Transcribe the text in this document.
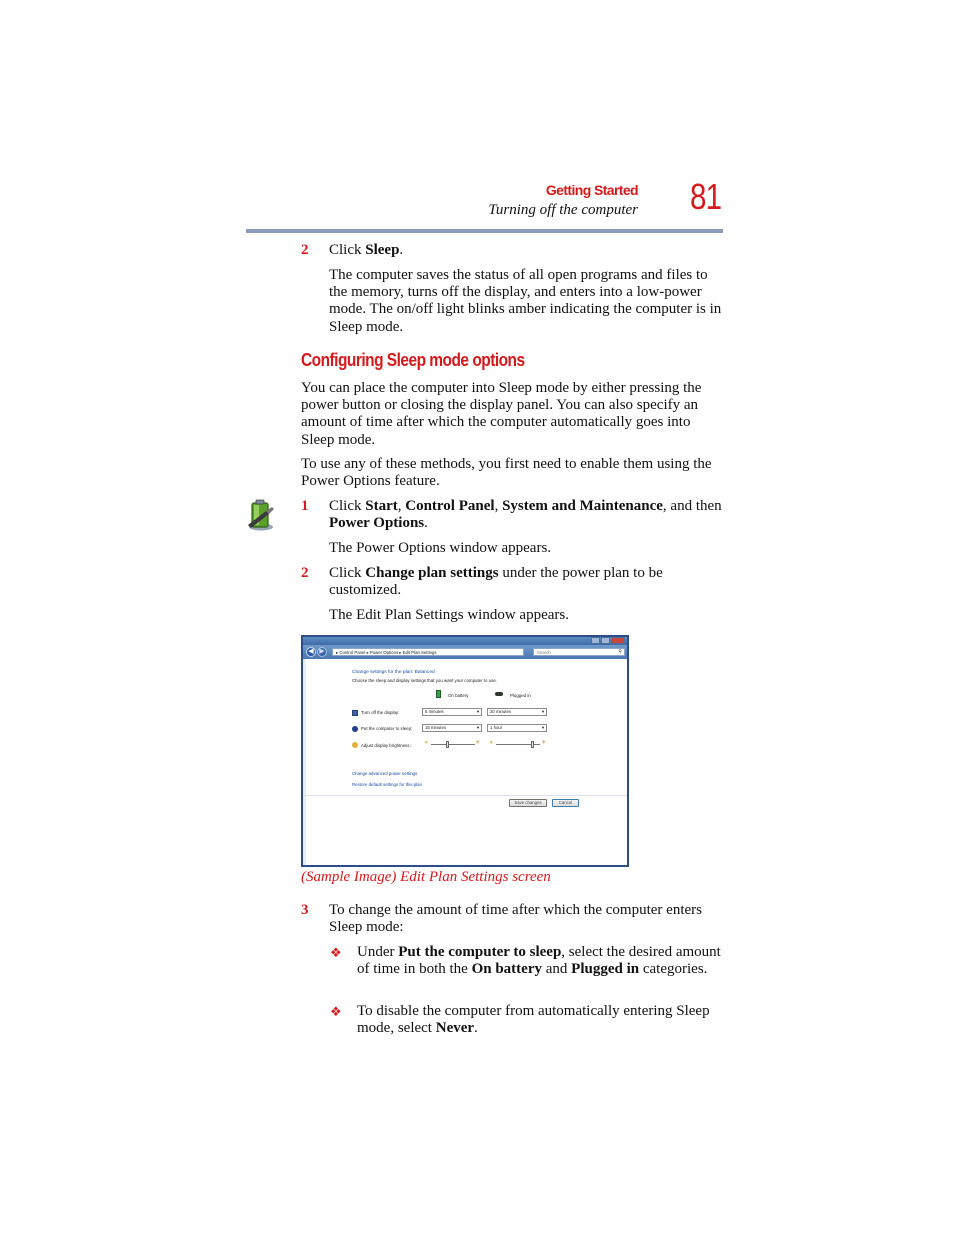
Getting Started
Turning off the computer 81
2	Click Sleep.
The computer saves the status of all open programs and files to the memory, turns off the display, and enters into a low-power mode. The on/off light blinks amber indicating the computer is in Sleep mode.
Configuring Sleep mode options
You can place the computer into Sleep mode by either pressing the power button or closing the display panel. You can also specify an amount of time after which the computer automatically goes into Sleep mode.
To use any of these methods, you first need to enable them using the Power Options feature.
1	Click Start, Control Panel, System and Maintenance, and then Power Options.
The Power Options window appears.
2	Click Change plan settings under the power plan to be customized.
The Edit Plan Settings window appears.
◀ ▶	▸ Control Panel ▸ Power Options ▸ Edit Plan Settings	Search	⚲
Change settings for the plan: Balanced
Choose the sleep and display settings that you want your computer to use.
On battery	Plugged in
Turn off the display:	5 minutes	▼	20 minutes	▼
Put the computer to sleep:	15 minutes	▼	1 hour	▼
Adjust display brightness:	☀	☀ ☀	☀
Change advanced power settings
Restore default settings for this plan
Save changes	Cancel
(Sample Image) Edit Plan Settings screen
3	To change the amount of time after which the computer enters Sleep mode:
❖ Under Put the computer to sleep, select the desired amount of time in both the On battery and Plugged in categories.
❖ To disable the computer from automatically entering Sleep mode, select Never.
